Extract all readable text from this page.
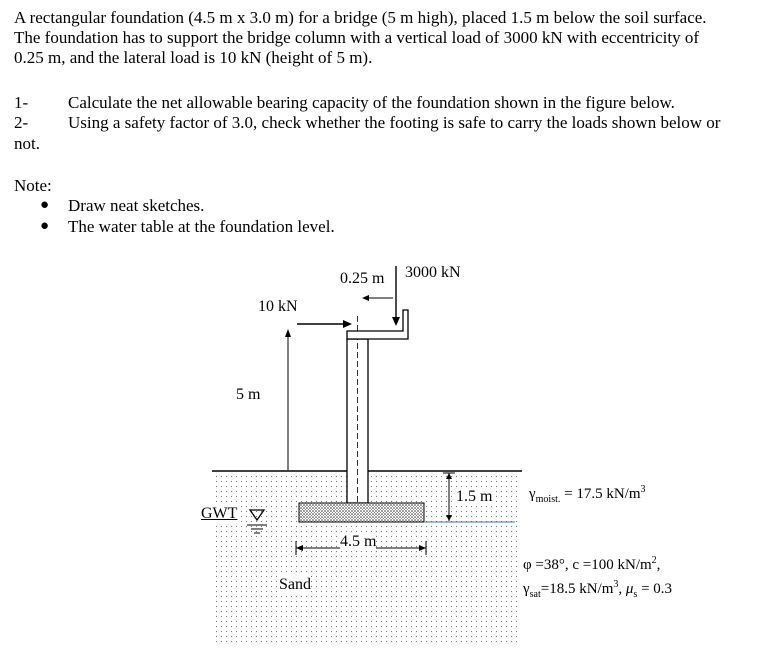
A rectangular foundation (4.5 m x 3.0 m) for a bridge (5 m high), placed 1.5 m below the soil surface.
The foundation has to support the bridge column with a vertical load of 3000 kN with eccentricity of
0.25 m, and the lateral load is 10 kN (height of 5 m).
1- Calculate the net allowable bearing capacity of the foundation shown in the figure below.
2- Using a safety factor of 3.0, check whether the footing is safe to carry the loads shown below or
not.
Note:
● Draw neat sketches.
● The water table at the foundation level.
0.25 m 3000 kN
10 kN
5 m
1.5 m
4.5 m
GWT
Sand
$\gamma_{moist.} = 17.5$ $kN/m^3$
φ =38°, c =100 $kN/m^2$,
$\gamma_{sat}=18.5$ $kN/m^3$, $\mu_s = 0.3$
